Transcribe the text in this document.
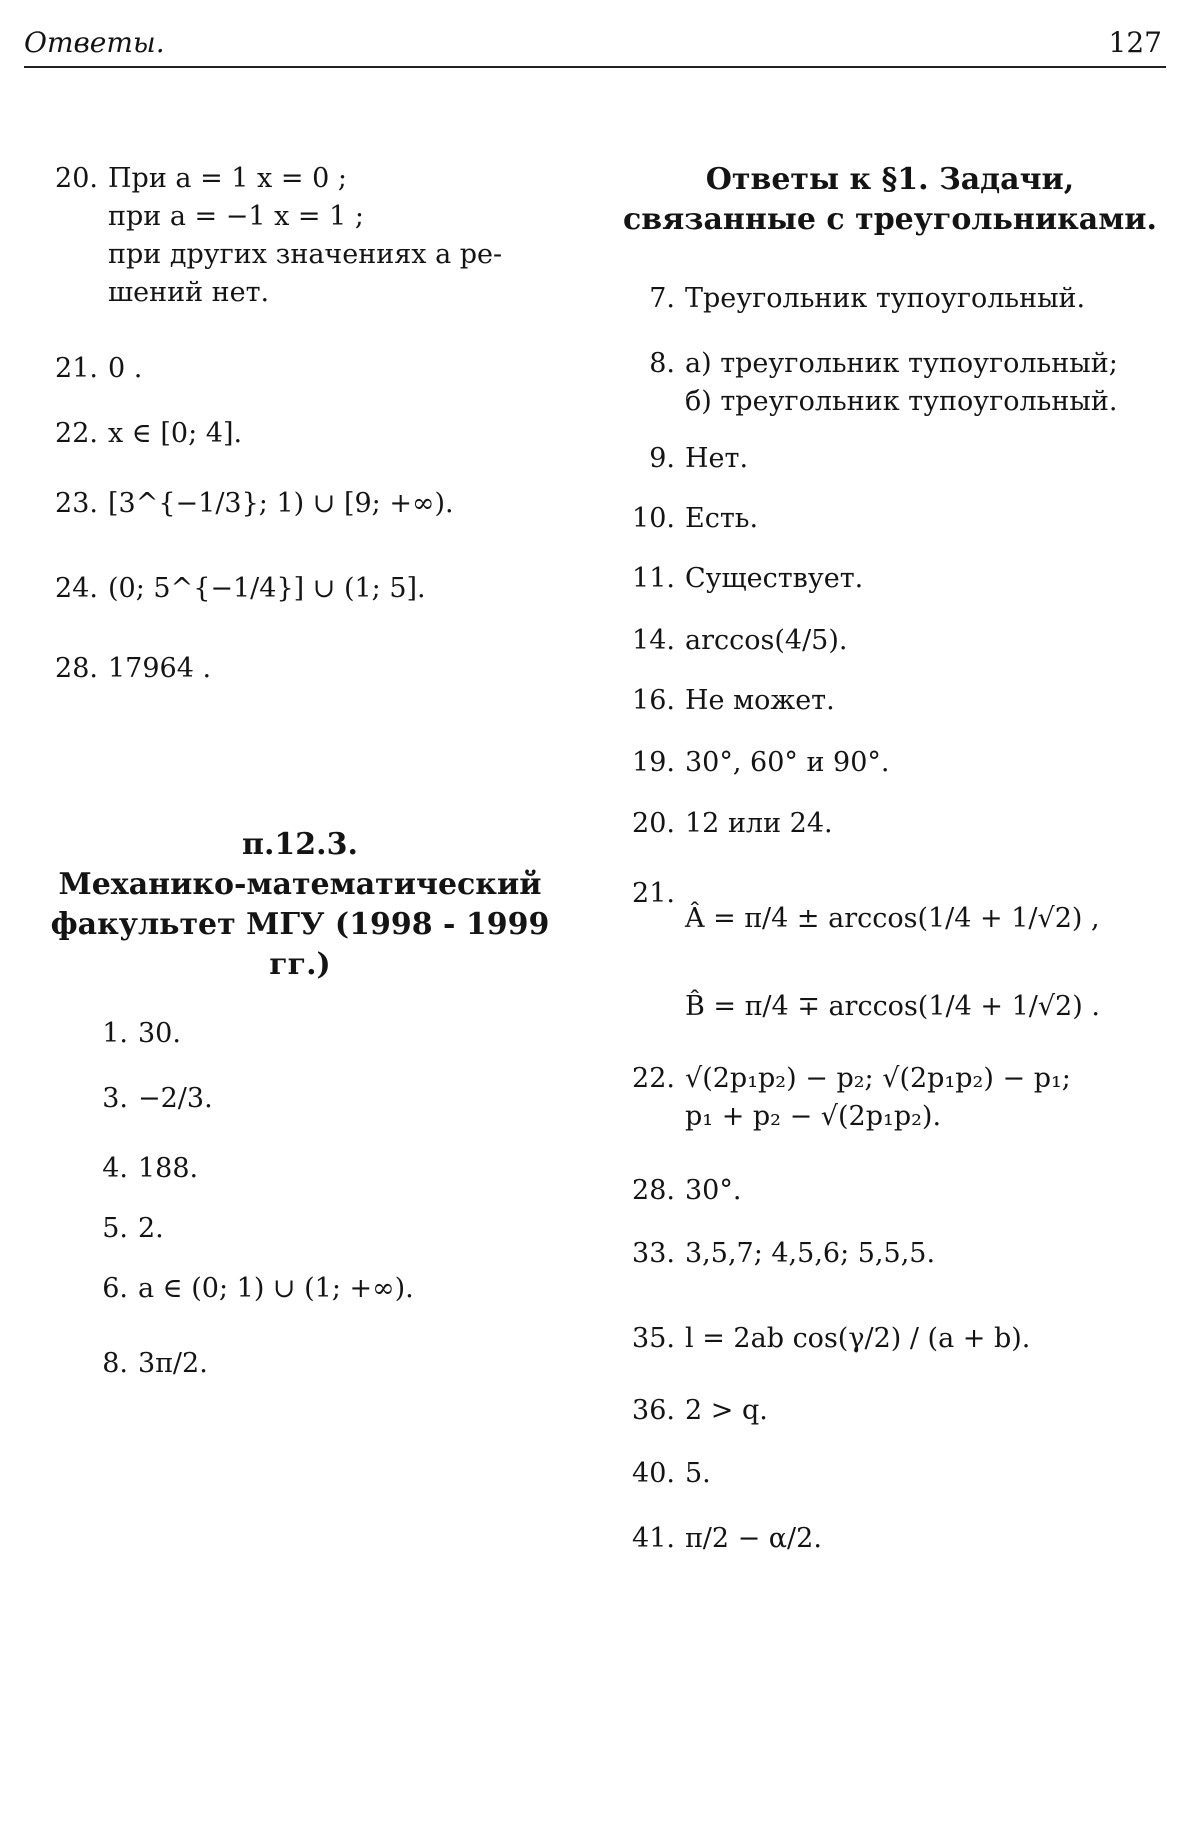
Ответы.	127
20. При a = 1 x = 0 ;
при a = −1 x = 1 ;
при других значениях a ре-
шений нет.
21. 0 .
22. x ∈ [0; 4].
23. [3^{−1/3}; 1) ∪ [9; +∞).
24. (0; 5^{−1/4}] ∪ (1; 5].
28. 17964 .
п.12.3.
Механико-математический
факультет МГУ (1998 - 1999
гг.)
1. 30.
3. −2/3.
4. 188.
5. 2.
6. a ∈ (0; 1) ∪ (1; +∞).
8. 3π/2.
Ответы к §1. Задачи,
связанные с треугольниками.
7. Треугольник тупоугольный.
8. а) треугольник тупоугольный;
б) треугольник тупоугольный.
9. Нет.
10. Есть.
11. Существует.
14. arccos(4/5).
16. Не может.
19. 30°, 60° и 90°.
20. 12 или 24.
21.
Â = π/4 ± arccos(1/4 + 1/√2) ,
B̂ = π/4 ∓ arccos(1/4 + 1/√2) .
22. √(2p₁p₂) − p₂; √(2p₁p₂) − p₁;
p₁ + p₂ − √(2p₁p₂).
28. 30°.
33. 3,5,7; 4,5,6; 5,5,5.
35. l = 2ab cos(γ/2) / (a + b).
36. 2 > q.
40. 5.
41. π/2 − α/2.
